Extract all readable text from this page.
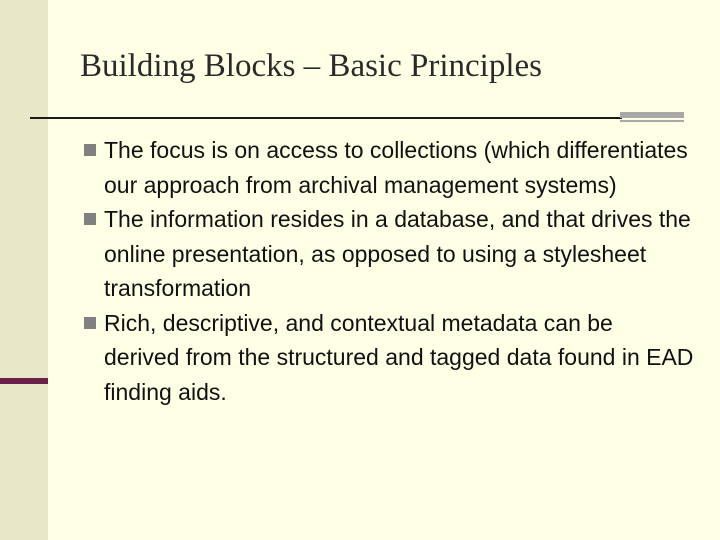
Building Blocks – Basic Principles
The focus is on access to collections (which differentiates our approach from archival management systems)
The information resides in a database, and that drives the online presentation, as opposed to using a stylesheet transformation
Rich, descriptive, and contextual metadata can be derived from the structured and tagged data found in EAD finding aids.
